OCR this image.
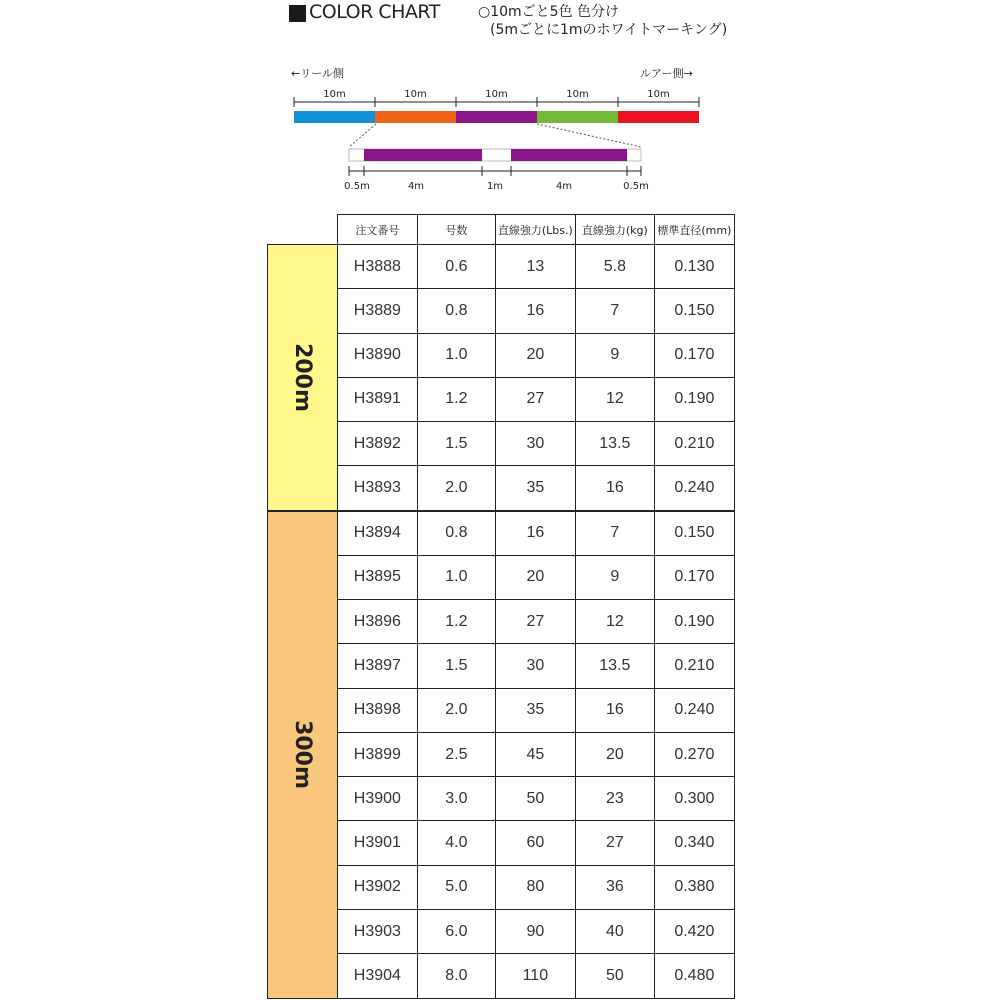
COLOR CHART	○10mごと5色 色分け
(5mごとに1mのホワイトマーキング)
←リール側	ルアー側→
10m	10m	10m	10m	10m
0.5m	4m	1m	4m	0.5m
	注文番号	号数	直線強力(Lbs.)	直線強力(kg)	標準直径(mm)
200m	H3888	0.6	13	5.8	0.130
	H3889	0.8	16	7	0.150
	H3890	1.0	20	9	0.170
	H3891	1.2	27	12	0.190
	H3892	1.5	30	13.5	0.210
	H3893	2.0	35	16	0.240
300m	H3894	0.8	16	7	0.150
	H3895	1.0	20	9	0.170
	H3896	1.2	27	12	0.190
	H3897	1.5	30	13.5	0.210
	H3898	2.0	35	16	0.240
	H3899	2.5	45	20	0.270
	H3900	3.0	50	23	0.300
	H3901	4.0	60	27	0.340
	H3902	5.0	80	36	0.380
	H3903	6.0	90	40	0.420
	H3904	8.0	110	50	0.480
